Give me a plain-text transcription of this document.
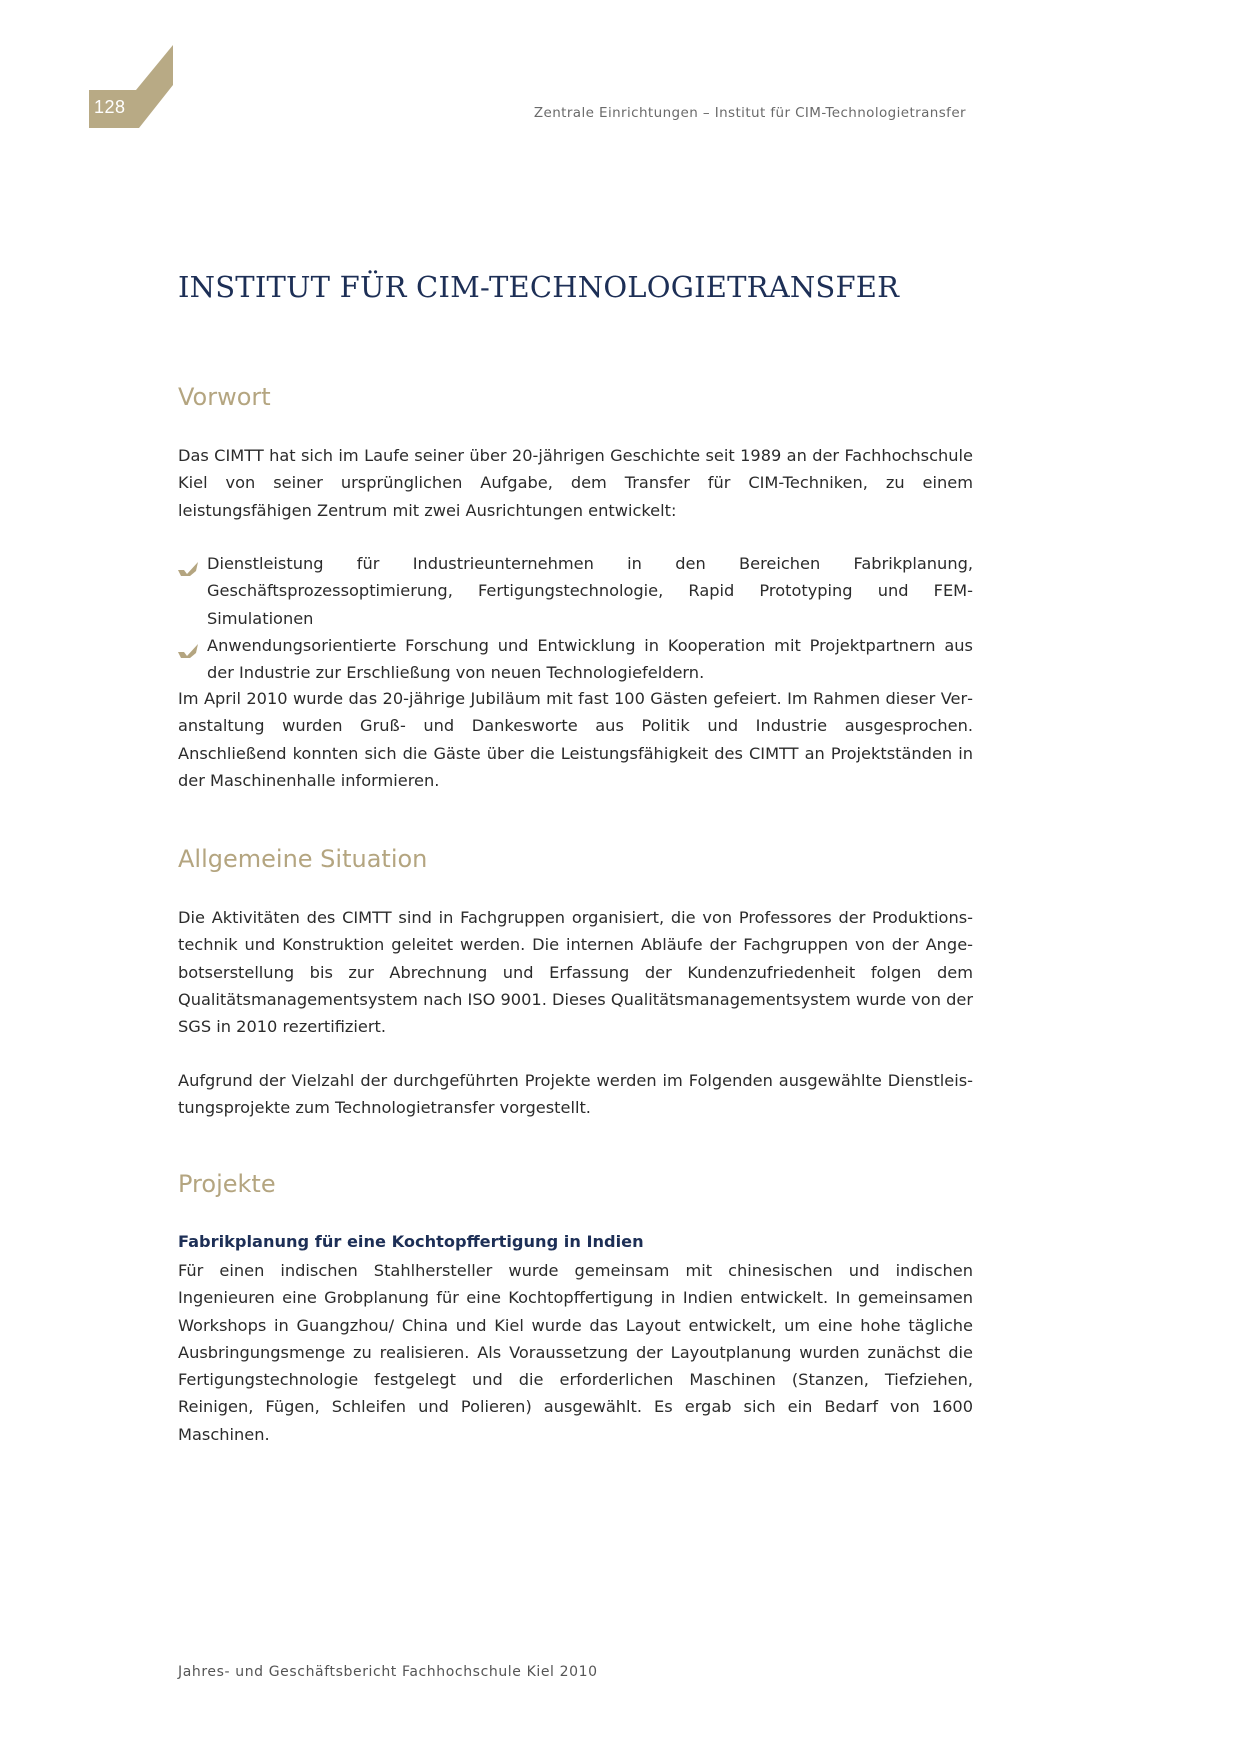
128	Zentrale Einrichtungen – Institut für CIM-Technologietransfer
INSTITUT FÜR CIM-TECHNOLOGIETRANSFER
Vorwort

Das CIMTT hat sich im Laufe seiner über 20-jährigen Geschichte seit 1989 an der Fachhochschule Kiel von seiner ursprünglichen Aufgabe, dem Transfer für CIM-Techniken, zu einem leistungsfähigen Zentrum mit zwei Ausrichtungen entwickelt:

Dienstleistung für Industrieunternehmen in den Bereichen Fabrikplanung, Geschäftsprozessoptimierung, Fertigungstechnologie, Rapid Prototyping und FEM-Simulationen
Anwendungsorientierte Forschung und Entwicklung in Kooperation mit Projektpartnern aus der Industrie zur Erschließung von neuen Technologiefeldern.

Im April 2010 wurde das 20-jährige Jubiläum mit fast 100 Gästen gefeiert. Im Rahmen dieser Veranstaltung wurden Gruß- und Dankesworte aus Politik und Industrie ausgesprochen. Anschließend konnten sich die Gäste über die Leistungsfähigkeit des CIMTT an Projektständen in der Maschinenhalle informieren.

Allgemeine Situation

Die Aktivitäten des CIMTT sind in Fachgruppen organisiert, die von Professores der Produktionstechnik und Konstruktion geleitet werden. Die internen Abläufe der Fachgruppen von der Angebotserstellung bis zur Abrechnung und Erfassung der Kundenzufriedenheit folgen dem Qualitätsmanagementsystem nach ISO 9001. Dieses Qualitätsmanagementsystem wurde von der SGS in 2010 rezertifiziert.

Aufgrund der Vielzahl der durchgeführten Projekte werden im Folgenden ausgewählte Dienstleistungsprojekte zum Technologietransfer vorgestellt.

Projekte
Fabrikplanung für eine Kochtopffertigung in Indien

Für einen indischen Stahlhersteller wurde gemeinsam mit chinesischen und indischen Ingenieuren eine Grobplanung für eine Kochtopffertigung in Indien entwickelt. In gemeinsamen Workshops in Guangzhou/ China und Kiel wurde das Layout entwickelt, um eine hohe tägliche Ausbringungsmenge zu realisieren. Als Voraussetzung der Layoutplanung wurden zunächst die Fertigungstechnologie festgelegt und die erforderlichen Maschinen (Stanzen, Tiefziehen, Reinigen, Fügen, Schleifen und Polieren) ausgewählt. Es ergab sich ein Bedarf von 1600 Maschinen.

Jahres- und Geschäftsbericht Fachhochschule Kiel 2010
